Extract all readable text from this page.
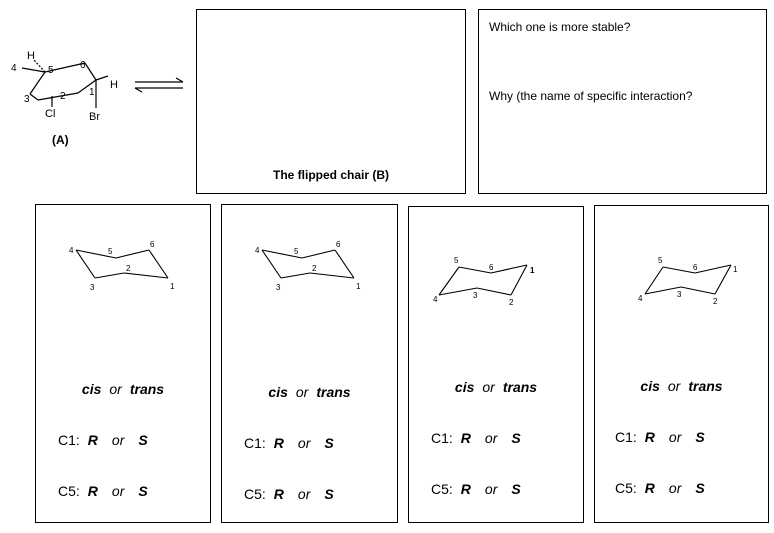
4	5	6
1
2
3
H
H
Cl	Br
(A)
The flipped chair (B)
Which one is more stable?
Why (the name of specific interaction?
4	5
6
2
3	1
cis or trans
C1: R or S
C5: R or S
4	5
6
2
3	1
cis or trans
C1: R or S
C5: R or S
4
5
6
3
2
1
cis or trans
C1: R or S
C5: R or S
4
5
6
3
2
1
cis or trans
C1: R or S
C5: R or S
